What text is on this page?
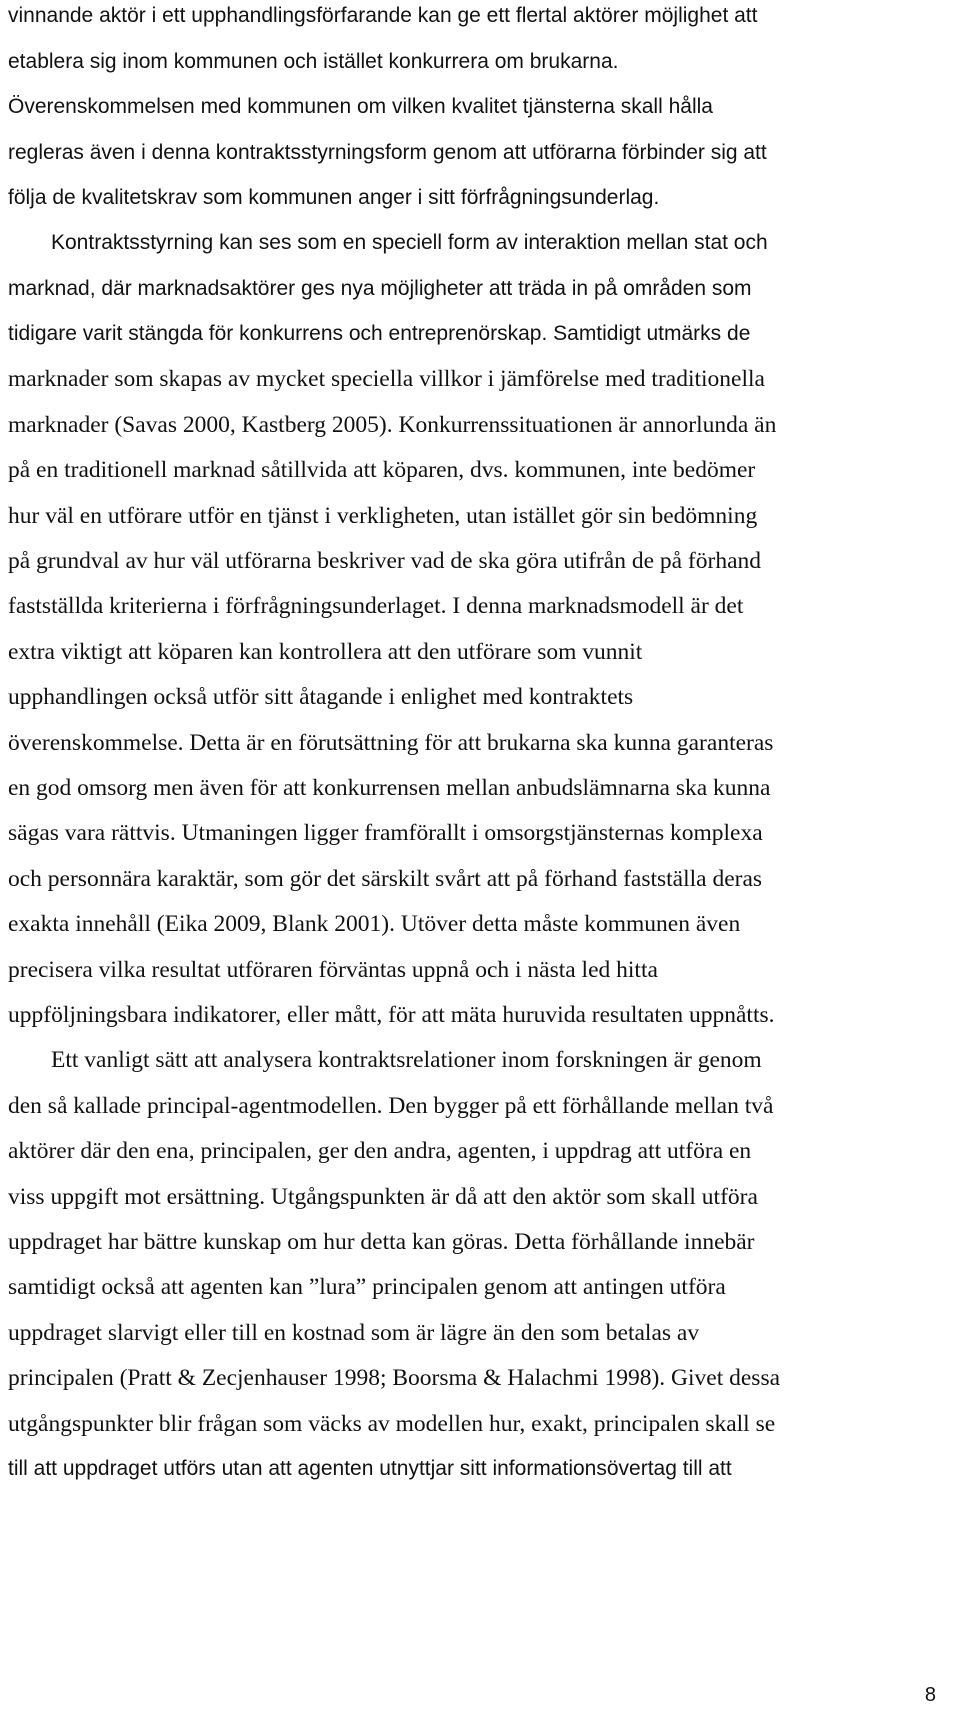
vinnande aktör i ett upphandlingsförfarande kan ge ett flertal aktörer möjlighet att
etablera sig inom kommunen och istället konkurrera om brukarna.
Överenskommelsen med kommunen om vilken kvalitet tjänsterna skall hålla
regleras även i denna kontraktsstyrningsform genom att utförarna förbinder sig att
följa de kvalitetskrav som kommunen anger i sitt förfrågningsunderlag.
Kontraktsstyrning kan ses som en speciell form av interaktion mellan stat och
marknad, där marknadsaktörer ges nya möjligheter att träda in på områden som
tidigare varit stängda för konkurrens och entreprenörskap. Samtidigt utmärks de
marknader som skapas av mycket speciella villkor i jämförelse med traditionella
marknader (Savas 2000, Kastberg 2005). Konkurrenssituationen är annorlunda än
på en traditionell marknad såtillvida att köparen, dvs. kommunen, inte bedömer
hur väl en utförare utför en tjänst i verkligheten, utan istället gör sin bedömning
på grundval av hur väl utförarna beskriver vad de ska göra utifrån de på förhand
fastställda kriterierna i förfrågningsunderlaget. I denna marknadsmodell är det
extra viktigt att köparen kan kontrollera att den utförare som vunnit
upphandlingen också utför sitt åtagande i enlighet med kontraktets
överenskommelse. Detta är en förutsättning för att brukarna ska kunna garanteras
en god omsorg men även för att konkurrensen mellan anbudslämnarna ska kunna
sägas vara rättvis. Utmaningen ligger framförallt i omsorgstjänsternas komplexa
och personnära karaktär, som gör det särskilt svårt att på förhand fastställa deras
exakta innehåll (Eika 2009, Blank 2001). Utöver detta måste kommunen även
precisera vilka resultat utföraren förväntas uppnå och i nästa led hitta
uppföljningsbara indikatorer, eller mått, för att mäta huruvida resultaten uppnåtts.
Ett vanligt sätt att analysera kontraktsrelationer inom forskningen är genom
den så kallade principal-agentmodellen. Den bygger på ett förhållande mellan två
aktörer där den ena, principalen, ger den andra, agenten, i uppdrag att utföra en
viss uppgift mot ersättning. Utgångspunkten är då att den aktör som skall utföra
uppdraget har bättre kunskap om hur detta kan göras. Detta förhållande innebär
samtidigt också att agenten kan ”lura” principalen genom att antingen utföra
uppdraget slarvigt eller till en kostnad som är lägre än den som betalas av
principalen (Pratt & Zecjenhauser 1998; Boorsma & Halachmi 1998). Givet dessa
utgångspunkter blir frågan som väcks av modellen hur, exakt, principalen skall se
till att uppdraget utförs utan att agenten utnyttjar sitt informationsövertag till att
8
